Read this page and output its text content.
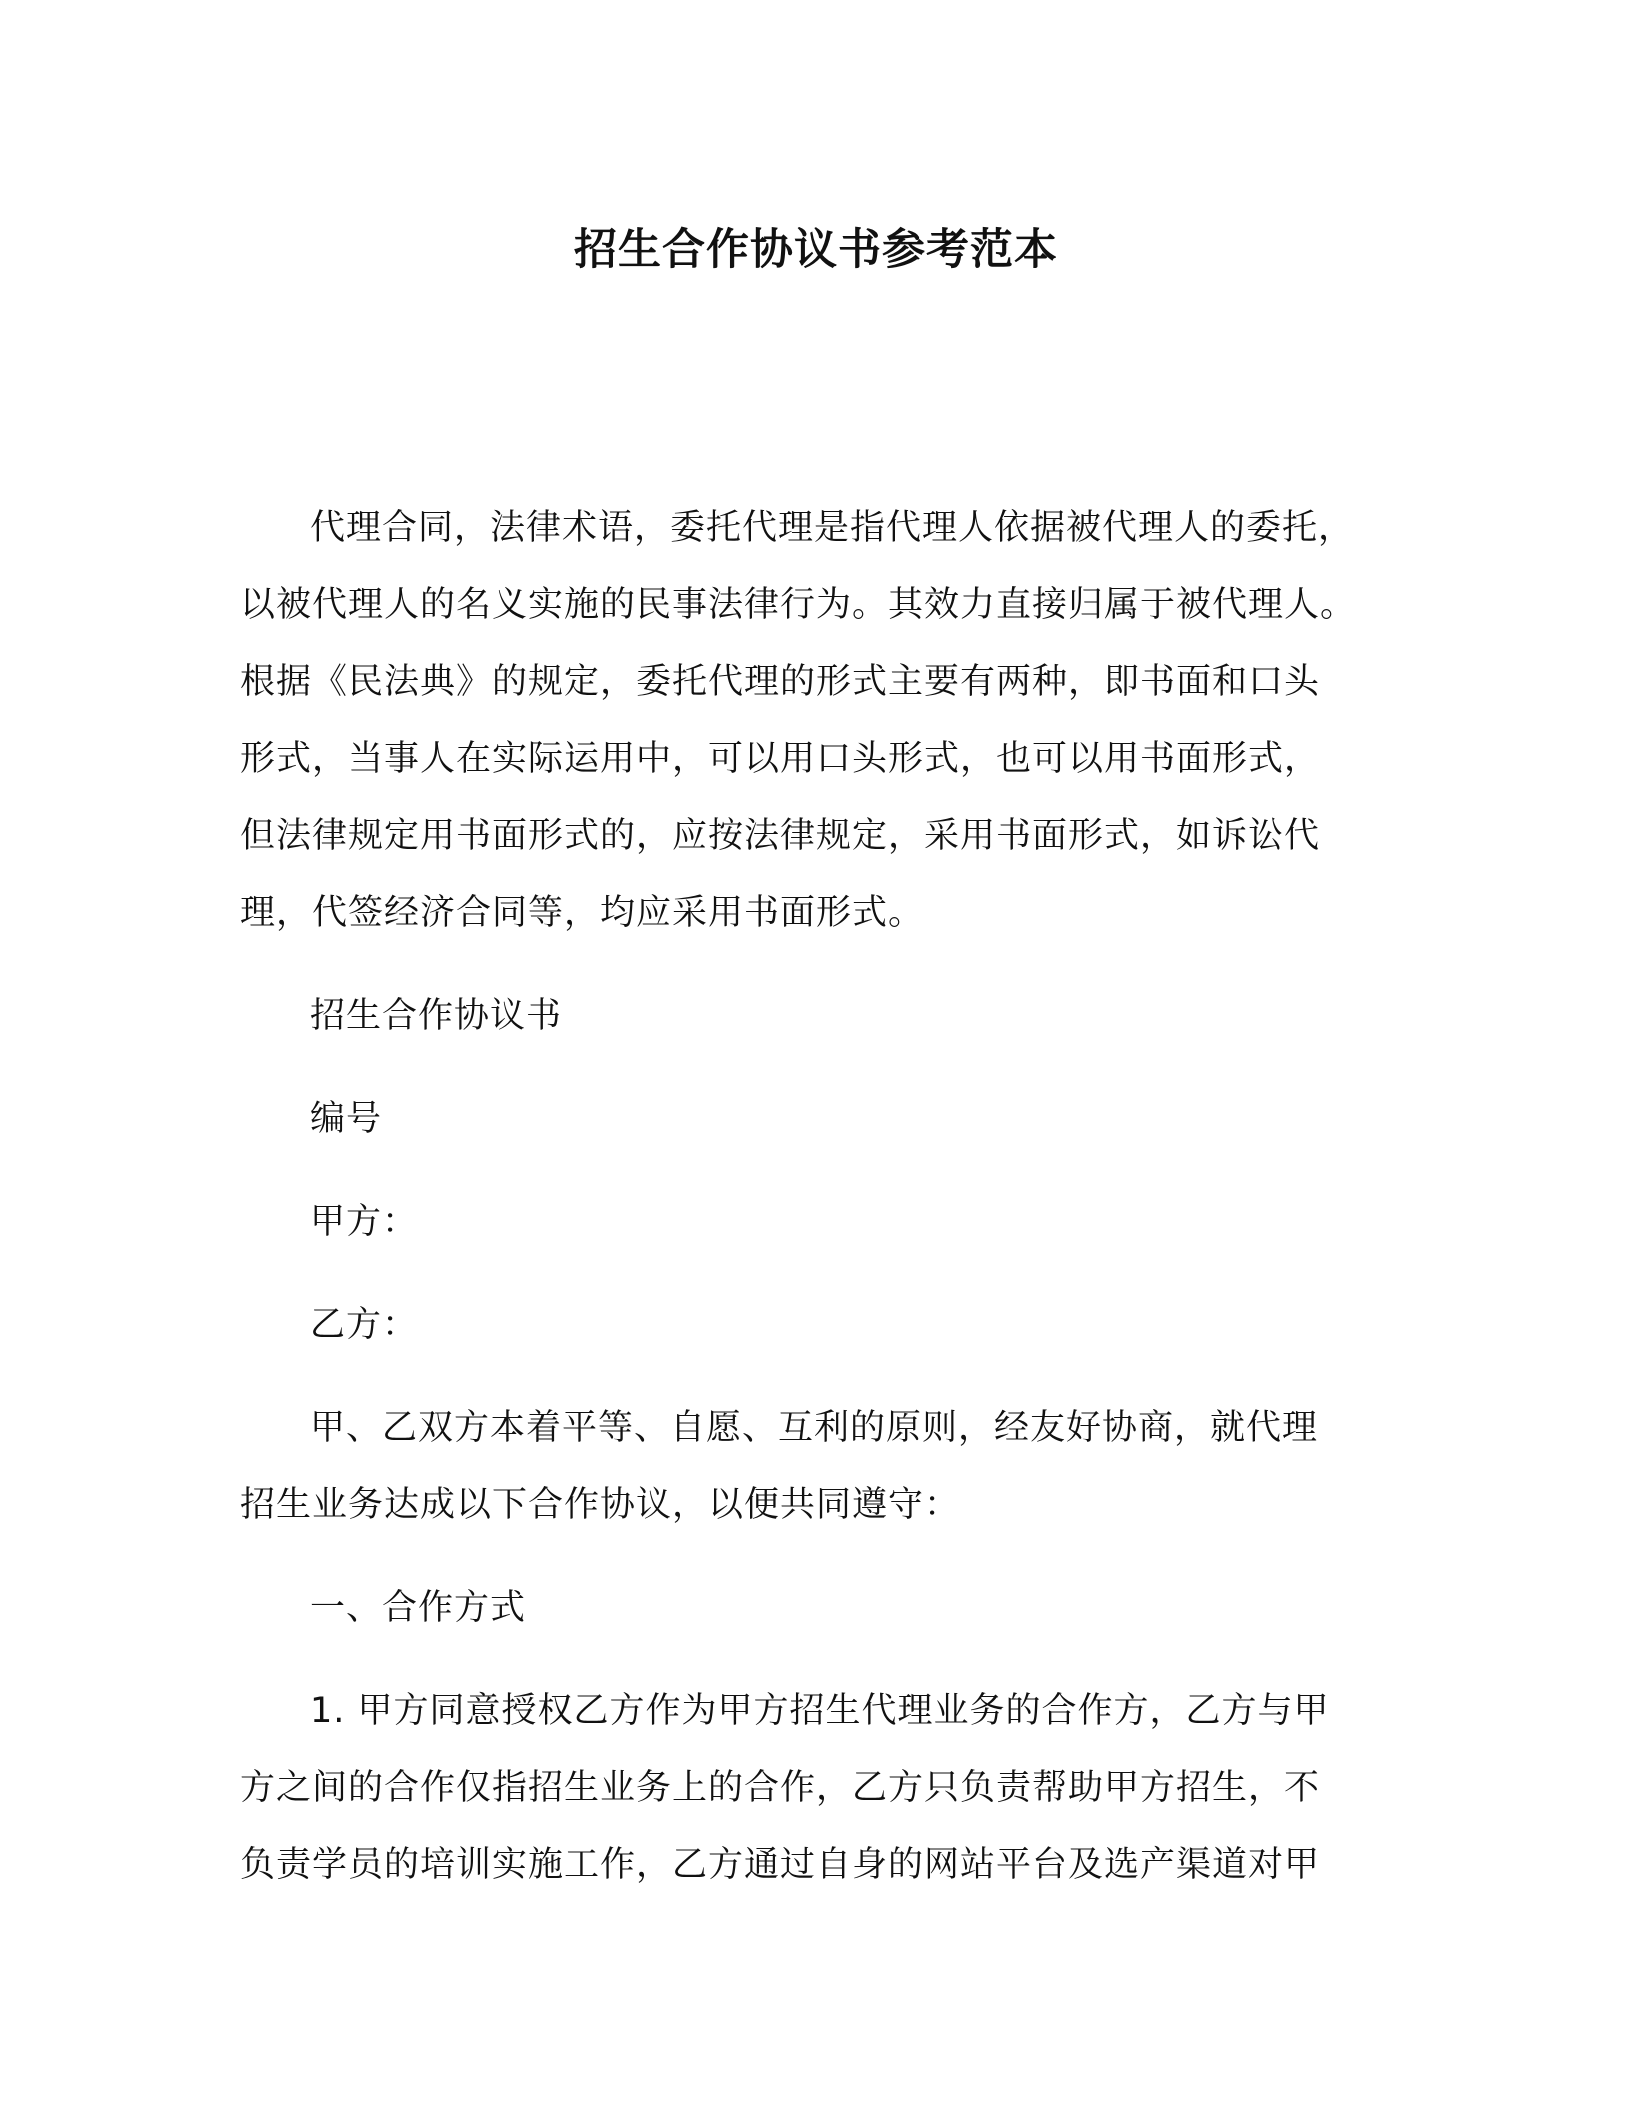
招生合作协议书参考范本

代理合同，法律术语，委托代理是指代理人依据被代理人的委托，
以被代理人的名义实施的民事法律行为。其效力直接归属于被代理人。
根据《民法典》的规定，委托代理的形式主要有两种，即书面和口头
形式，当事人在实际运用中，可以用口头形式，也可以用书面形式，
但法律规定用书面形式的，应按法律规定，采用书面形式，如诉讼代
理，代签经济合同等，均应采用书面形式。

招生合作协议书

编号

甲方：

乙方：

甲、乙双方本着平等、自愿、互利的原则，经友好协商，就代理
招生业务达成以下合作协议，以便共同遵守：

一、合作方式

1. 甲方同意授权乙方作为甲方招生代理业务的合作方，乙方与甲
方之间的合作仅指招生业务上的合作，乙方只负责帮助甲方招生，不
负责学员的培训实施工作，乙方通过自身的网站平台及选产渠道对甲
